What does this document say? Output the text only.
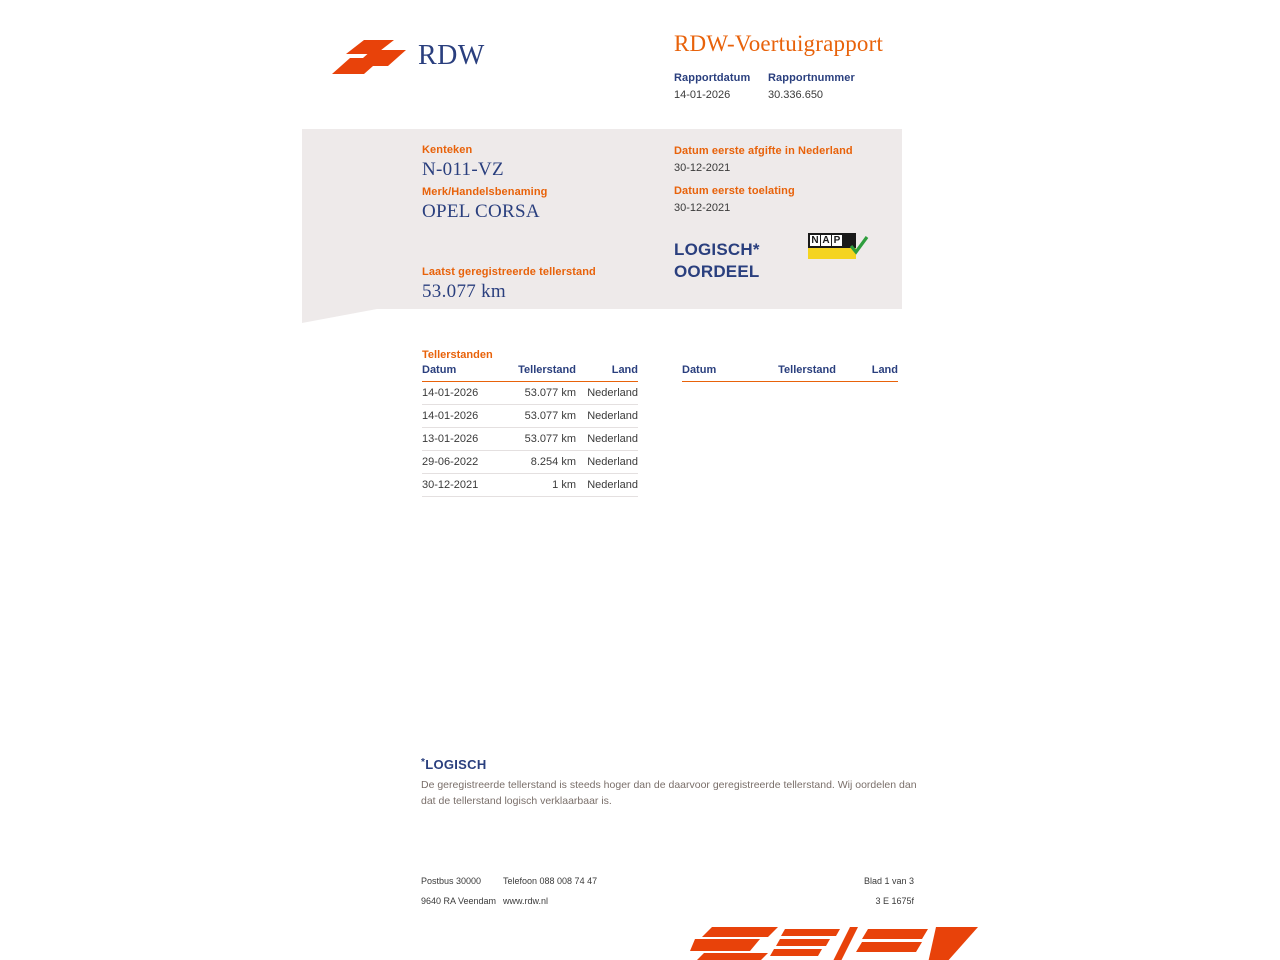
RDW	RDW-Voertuigrapport
Rapportdatum
14-01-2026
Rapportnummer
30.336.650
Kenteken
N-011-VZ
Merk/Handelsbenaming
OPEL CORSA
Laatst geregistreerde tellerstand
53.077 km
Datum eerste afgifte in Nederland
30-12-2021
Datum eerste toelating
30-12-2021
LOGISCH*
OORDEEL
N A P
Tellerstanden
Datum	Tellerstand	Land
14-01-2026	53.077 km	Nederland
14-01-2026	53.077 km	Nederland
13-01-2026	53.077 km	Nederland
29-06-2022	8.254 km	Nederland
30-12-2021	1 km	Nederland
Datum	Tellerstand	Land
*LOGISCH
De geregistreerde tellerstand is steeds hoger dan de daarvoor geregistreerde tellerstand. Wij oordelen dan dat de tellerstand logisch verklaarbaar is.
Postbus 30000	Telefoon 088 008 74 47	Blad 1 van 3
9640 RA Veendam www.rdw.nl	3 E 1675f
